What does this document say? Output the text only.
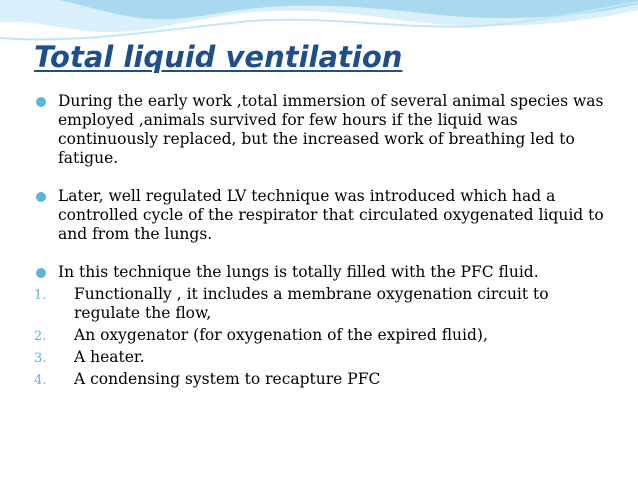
Total liquid ventilation
During the early work ,total immersion of several animal species was employed ,animals survived for few hours if the liquid was continuously replaced, but the increased work of breathing led to fatigue.
Later, well regulated LV technique was introduced which had a controlled cycle of the respirator that circulated oxygenated liquid to and from the lungs.
In this technique the lungs is totally filled with the PFC fluid.
1. Functionally , it includes a membrane oxygenation circuit to regulate the flow,
2. An oxygenator (for oxygenation of the expired fluid),
3. A heater.
4. A condensing system to recapture PFC
